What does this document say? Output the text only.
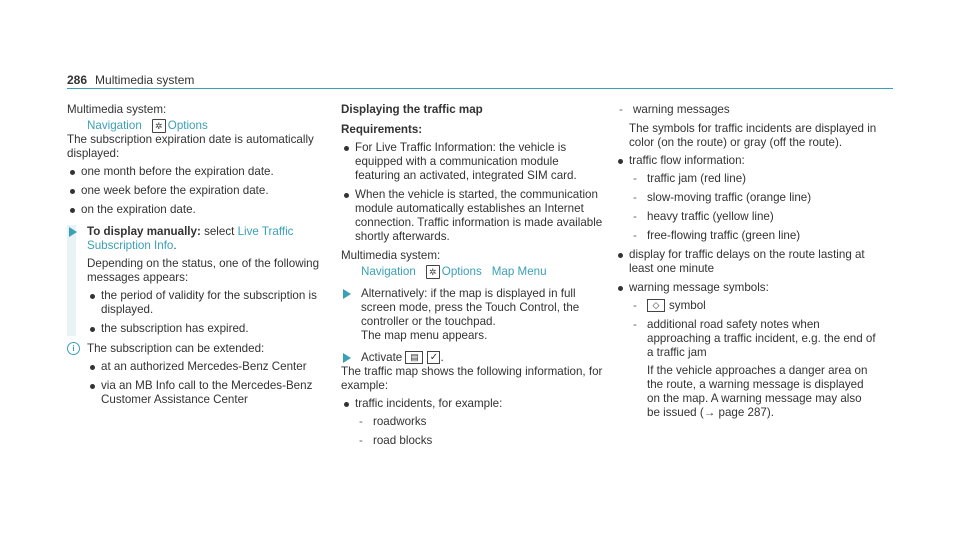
286 Multimedia system

Multimedia system:

Navigation	✲ Options

The subscription expiration date is automatically displayed:

one month before the expiration date.
one week before the expiration date.
on the expiration date.

To display manually: select Live Traffic Subscription Info.

Depending on the status, one of the following messages appears:

the period of validity for the subscription is displayed.
the subscription has expired.
i	The subscription can be extended:

at an authorized Mercedes-Benz Center
via an MB Info call to the Mercedes-Benz Customer Assistance Center

Displaying the traffic map

Requirements:

For Live Traffic Information: the vehicle is equipped with a communication module featuring an activated, integrated SIM card.
When the vehicle is started, the communication module automatically establishes an Internet connection. Traffic information is made available shortly afterwards.

Multimedia system:

Navigation	✲ Options Map Menu

Alternatively: if the map is displayed in full screen mode, press the Touch Control, the controller or the touchpad.

The map menu appears.

Activate ▤ ✓ .

The traffic map shows the following information, for example:

traffic incidents, for example:
- roadworks
- road blocks
- warning messages

The symbols for traffic incidents are displayed in color (on the route) or gray (off the route).

traffic flow information:
- traffic jam (red line)
- slow-moving traffic (orange line)
- heavy traffic (yellow line)
- free-flowing traffic (green line)
display for traffic delays on the route lasting at least one minute
warning message symbols:
- ◇ symbol
- additional road safety notes when approaching a traffic incident, e.g. the end of a traffic jam

If the vehicle approaches a danger area on the route, a warning message is displayed on the map. A warning message may also be issued (→ page 287).
